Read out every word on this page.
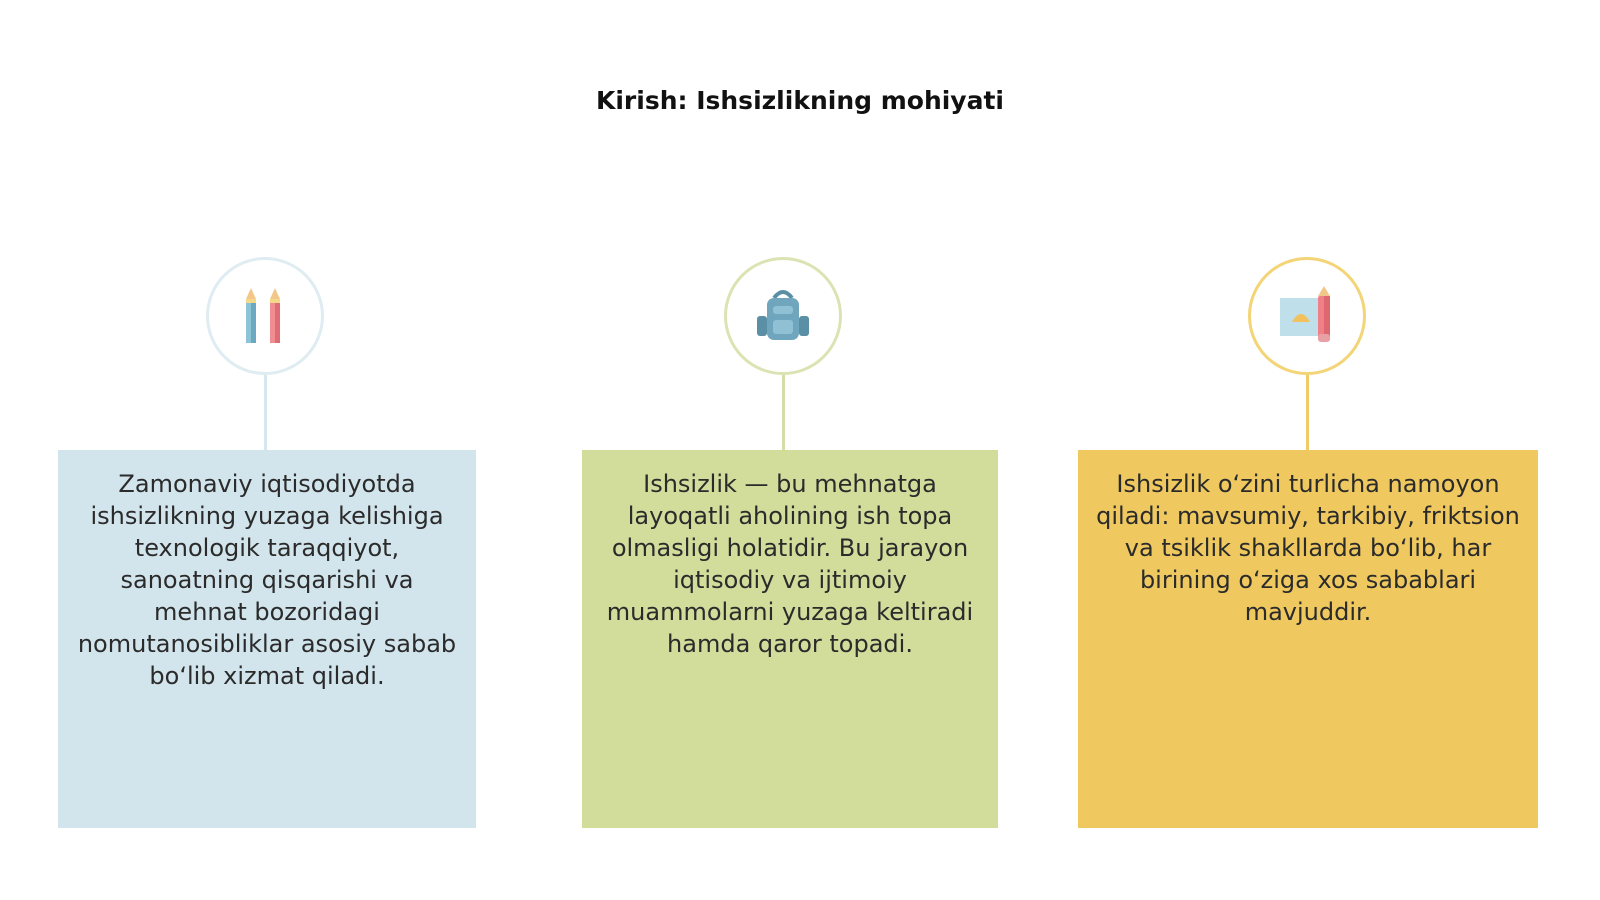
Kirish: Ishsizlikning mohiyati
Zamonaviy iqtisodiyotda ishsizlikning yuzaga kelishiga texnologik taraqqiyot, sanoatning qisqarishi va mehnat bozoridagi nomutanosibliklar asosiy sabab bo‘lib xizmat qiladi.
Ishsizlik — bu mehnatga layoqatli aholining ish topa olmasligi holatidir. Bu jarayon iqtisodiy va ijtimoiy muammolarni yuzaga keltiradi hamda qaror topadi.
Ishsizlik o‘zini turlicha namoyon qiladi: mavsumiy, tarkibiy, friktsion va tsiklik shakllarda bo‘lib, har birining o‘ziga xos sabablari mavjuddir.
